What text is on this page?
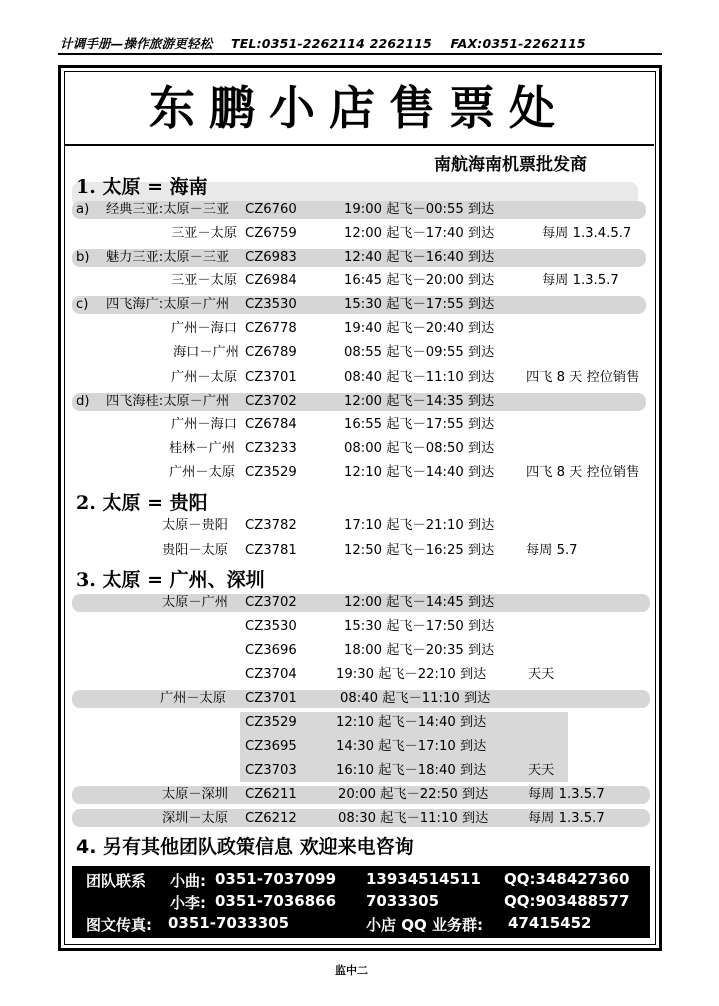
计调手册—操作旅游更轻松 TEL:0351-2262114 2262115 FAX:0351-2262115
东鹏小店售票处
南航海南机票批发商
1. 太原 = 海南
2. 太原 = 贵阳
3. 太原 = 广州、深圳
a) 经典三亚:太原－三亚 CZ6760	19:00 起飞－00:55 到达
三亚－太原 CZ6759	12:00 起飞－17:40 到达	每周 1.3.4.5.7
b) 魅力三亚:太原－三亚 CZ6983	12:40 起飞－16:40 到达
三亚－太原 CZ6984	16:45 起飞－20:00 到达	每周 1.3.5.7
c) 四飞海广:太原－广州 CZ3530	15:30 起飞－17:55 到达
广州－海口 CZ6778	19:40 起飞－20:40 到达
海口－广州 CZ6789	08:55 起飞－09:55 到达
广州－太原 CZ3701	08:40 起飞－11:10 到达 四飞 8 天 控位销售
d) 四飞海桂:太原－广州 CZ3702	12:00 起飞－14:35 到达
广州－海口 CZ6784	16:55 起飞－17:55 到达
桂林－广州 CZ3233	08:00 起飞－08:50 到达
广州－太原 CZ3529	12:10 起飞－14:40 到达 四飞 8 天 控位销售
太原－贵阳 CZ3782	17:10 起飞－21:10 到达
贵阳－太原 CZ3781	12:50 起飞－16:25 到达 每周 5.7
太原－广州 CZ3702	12:00 起飞－14:45 到达
CZ3530	15:30 起飞－17:50 到达
CZ3696	18:00 起飞－20:35 到达
CZ3704	19:30 起飞－22:10 到达	天天
广州－太原 CZ3701	08:40 起飞－11:10 到达
CZ3529	12:10 起飞－14:40 到达
CZ3695	14:30 起飞－17:10 到达
CZ3703	16:10 起飞－18:40 到达	天天
太原－深圳 CZ6211	20:00 起飞－22:50 到达	每周 1.3.5.7
深圳－太原 CZ6212	08:30 起飞－11:10 到达	每周 1.3.5.7
4. 另有其他团队政策信息 欢迎来电咨询
团队联系 小曲: 0351-7037099 13934514511 QQ:348427360
小李: 0351-7036866 7033305	QQ:903488577
图文传真: 0351-7033305	小店 QQ 业务群: 47415452
监中二
